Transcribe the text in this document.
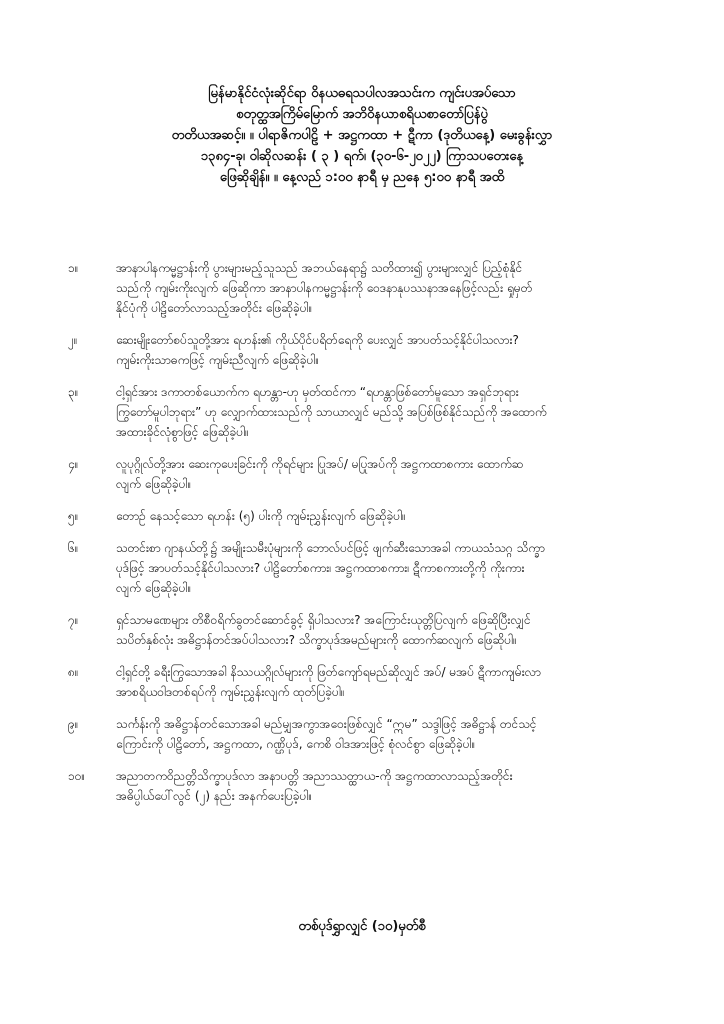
မြန်မာနိုင်ငံလုံးဆိုင်ရာ ဝိနယဓရသပါလအသင်းက ကျင်းပအပ်သော
စတုတ္ထအကြိမ်မြောက် အဘိဝိနယာစရိယစာတော်ပြန်ပွဲ
တတိယအဆင့်။ ။ ပါရာဇိကပါဠိ + အဋ္ဌကထာ + ဋီကာ (ဒုတိယနေ့) မေးခွန်းလွှာ
၁၃၈၄-ခု၊ ဝါဆိုလဆန်း ( ၃ ) ရက်၊ (၃၀-၆-၂၀၂၂) ကြာသပတေးနေ့
ဖြေဆိုချိန်။ ။ နေ့လည် ၁:၀၀ နာရီ မှ ညနေ ၅:၀၀ နာရီ အထိ
၁။	အာနာပါနကမ္မဋ္ဌာန်းကို ပွားများမည့်သူသည် အဘယ်နေရာ၌ သတိထား၍ ပွားများလျှင် ပြည့်စုံနိုင်
သည်ကို ကျမ်းကိုးလျက် ဖြေဆိုကာ အာနာပါနကမ္မဋ္ဌာန်းကို ဝေဒနာနုပဿနာအနေဖြင့်လည်း ရှုမှတ်
နိုင်ပုံကို ပါဠိတော်လာသည့်အတိုင်း ဖြေဆိုခဲ့ပါ။
၂။	ဆေးမျိုးတော်စပ်သူတို့အား ရဟန်း၏ ကိုယ်ပိုင်ပရိတ်ရေကို ပေးလျှင် အာပတ်သင့်နိုင်ပါသလား?
ကျမ်းကိုးသာဓကဖြင့် ကျမ်းညီလျက် ဖြေဆိုခဲ့ပါ။
၃။	ငါ့ရှင်အား ဒကာတစ်ယောက်က ရဟန္တာ-ဟု မှတ်ထင်ကာ “ရဟန္တာဖြစ်တော်မူသော အရှင်ဘုရား
ကြွတော်မူပါဘုရား” ဟု လျှောက်ထားသည်ကို သာယာလျှင် မည်သို့ အပြစ်ဖြစ်နိုင်သည်ကို အထောက်
အထားခိုင်လုံစွာဖြင့် ဖြေဆိုခဲ့ပါ။
၄။	လူပုဂ္ဂိုလ်တို့အား ဆေးကုပေးခြင်းကို ကိုရင်များ ပြုအပ်/ မပြုအပ်ကို အဋ္ဌကထာစကား ထောက်ဆ
လျက် ဖြေဆိုခဲ့ပါ။
၅။	တောဥ် နေသင့်သော ရဟန်း (၅) ပါးကို ကျမ်းညွှန်းလျက် ဖြေဆိုခဲ့ပါ။
၆။	သတင်းစာ ဂျာနယ်တို့၌ အမျိုးသမီးပုံများကို ဘောလ်ပင်ဖြင့် ဖျက်ဆီးသောအခါ ကာယသံသဂ္ဂ သိက္ခာ
ပုဒ်ဖြင့် အာပတ်သင့်နိုင်ပါသလား? ပါဠိတော်စကား၊ အဋ္ဌကထာစကား၊ ဋီကာစကားတို့ကို ကိုးကား
လျက် ဖြေဆိုခဲ့ပါ။
၇။	ရှင်သာမဏေများ တိစီဝရိက်ခွတင်ဆောင်ခွင့် ရှိပါသလား? အကြောင်းယုတ္တိပြလျက် ဖြေဆိုပြီးလျှင်
သပိတ်နှစ်လုံး အဓိဋ္ဌာန်တင်အပ်ပါသလား? သိက္ခာပုဒ်အမည်များကို ထောက်ဆလျက် ဖြေဆိုပါ။
၈။	ငါ့ရှင်တို့ ခရီးကြွသောအခါ နိဿယဂ္ဂိုလ်များကို ဖြတ်ကျော်ရမည်ဆိုလျှင် အပ်/ မအပ် ဋီကာကျမ်းလာ
အာစရိယဝါဒတစ်ရပ်ကို ကျမ်းညွှန်းလျက် ထုတ်ပြခဲ့ပါ။
၉။	သင်္ကန်းကို အဓိဋ္ဌာန်တင်သောအခါ မည်မျှအကွာအဝေးဖြစ်လျှင် “ဣမ” သဒ္ဒါဖြင့် အဓိဋ္ဌာန် တင်သင့်
ကြောင်းကို ပါဠိတော်, အဋ္ဌကထာ, ဂဏ္ဌိပုဒ်, ကေစိ ဝါဒအားဖြင့် စုံလင်စွာ ဖြေဆိုခဲ့ပါ။
၁၀။	အညာတကဝိညတ္တိသိက္ခာပုဒ်လာ အနာပတ္တိ အညာဿတ္ထာယ-ကို အဋ္ဌကထာလာသည့်အတိုင်း
အဓိပ္ပါယ်ပေါ်လွင် (၂) နည်း အနက်ပေးပြခဲ့ပါ။
တစ်ပုဒ်ရွှာလျှင် (၁၀)မှတ်စီ
